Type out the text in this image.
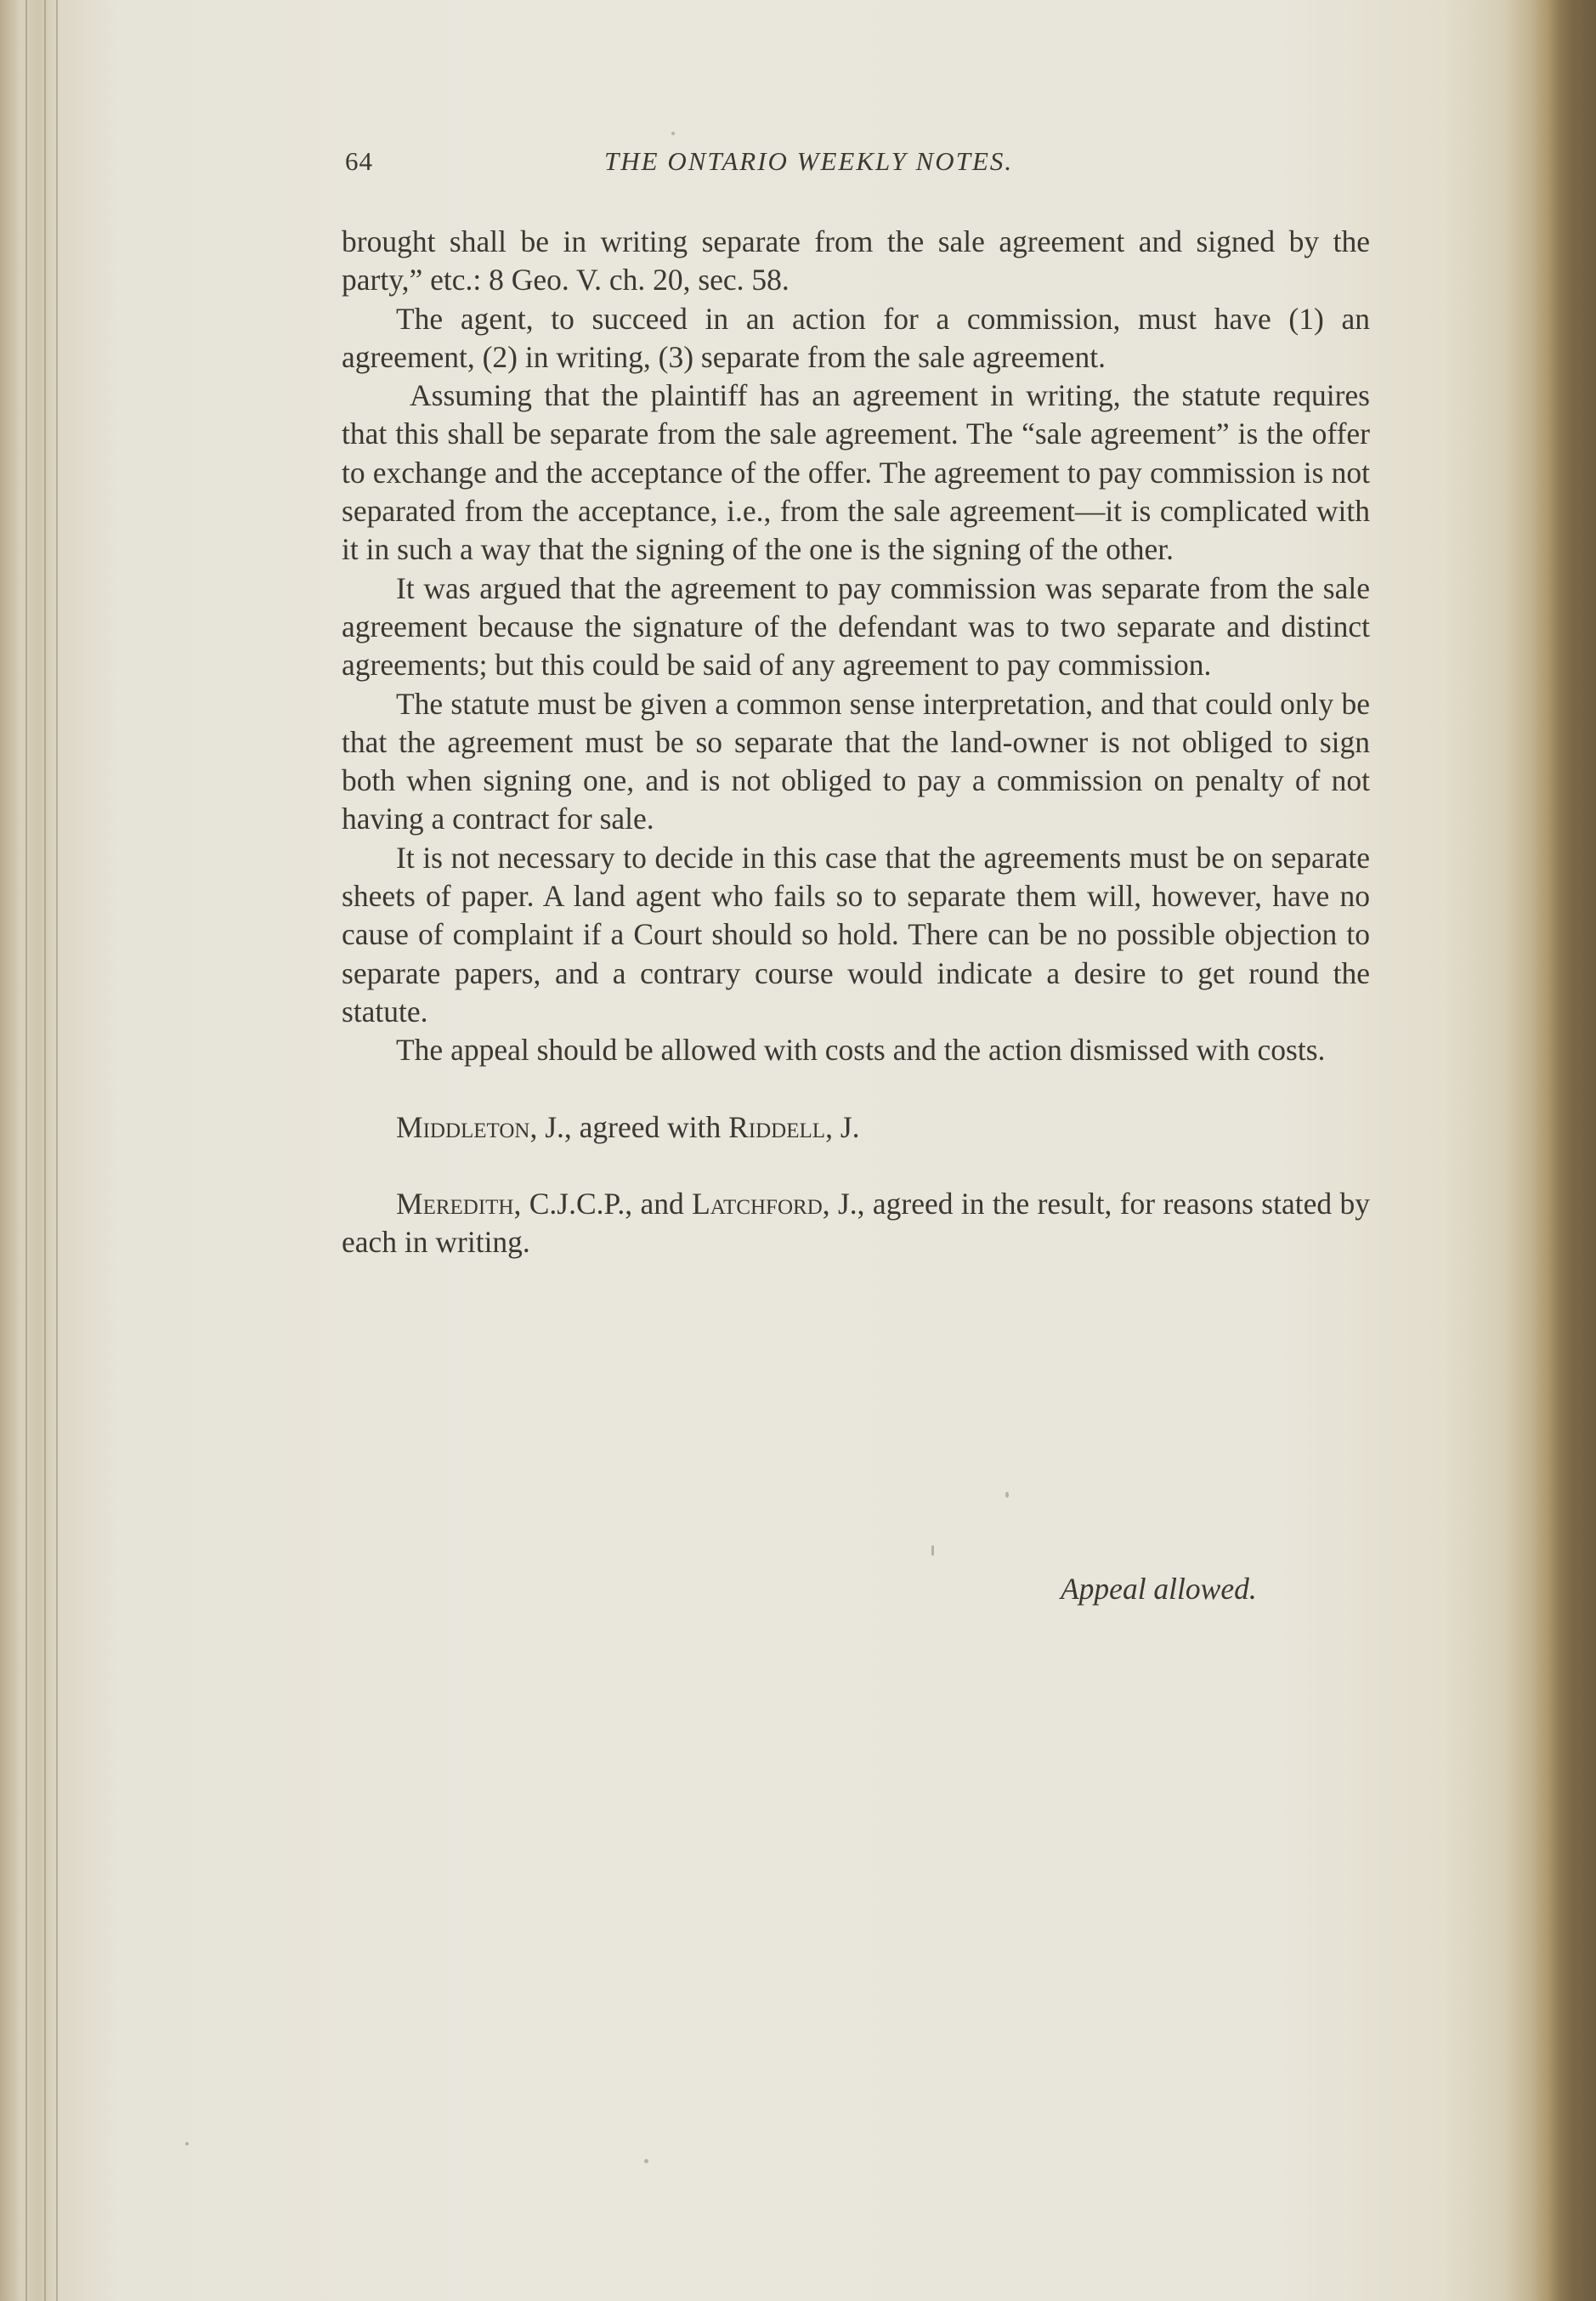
64	THE ONTARIO WEEKLY NOTES.

brought shall be in writing separate from the sale agreement and signed by the party,” etc.: 8 Geo. V. ch. 20, sec. 58.

The agent, to succeed in an action for a commission, must have (1) an agreement, (2) in writing, (3) separate from the sale agreement.

Assuming that the plaintiff has an agreement in writing, the statute requires that this shall be separate from the sale agreement. The “sale agreement” is the offer to exchange and the acceptance of the offer. The agreement to pay commission is not separated from the acceptance, i.e., from the sale agreement—it is complicated with it in such a way that the signing of the one is the signing of the other.

It was argued that the agreement to pay commission was separate from the sale agreement because the signature of the defendant was to two separate and distinct agreements; but this could be said of any agreement to pay commission.

The statute must be given a common sense interpretation, and that could only be that the agreement must be so separate that the land-owner is not obliged to sign both when signing one, and is not obliged to pay a commission on penalty of not having a contract for sale.

It is not necessary to decide in this case that the agreements must be on separate sheets of paper. A land agent who fails so to separate them will, however, have no cause of complaint if a Court should so hold. There can be no possible objection to separate papers, and a contrary course would indicate a desire to get round the statute.

The appeal should be allowed with costs and the action dismissed with costs.

Middleton, J., agreed with Riddell, J.

Meredith, C.J.C.P., and Latchford, J., agreed in the result, for reasons stated by each in writing.

Appeal allowed.
